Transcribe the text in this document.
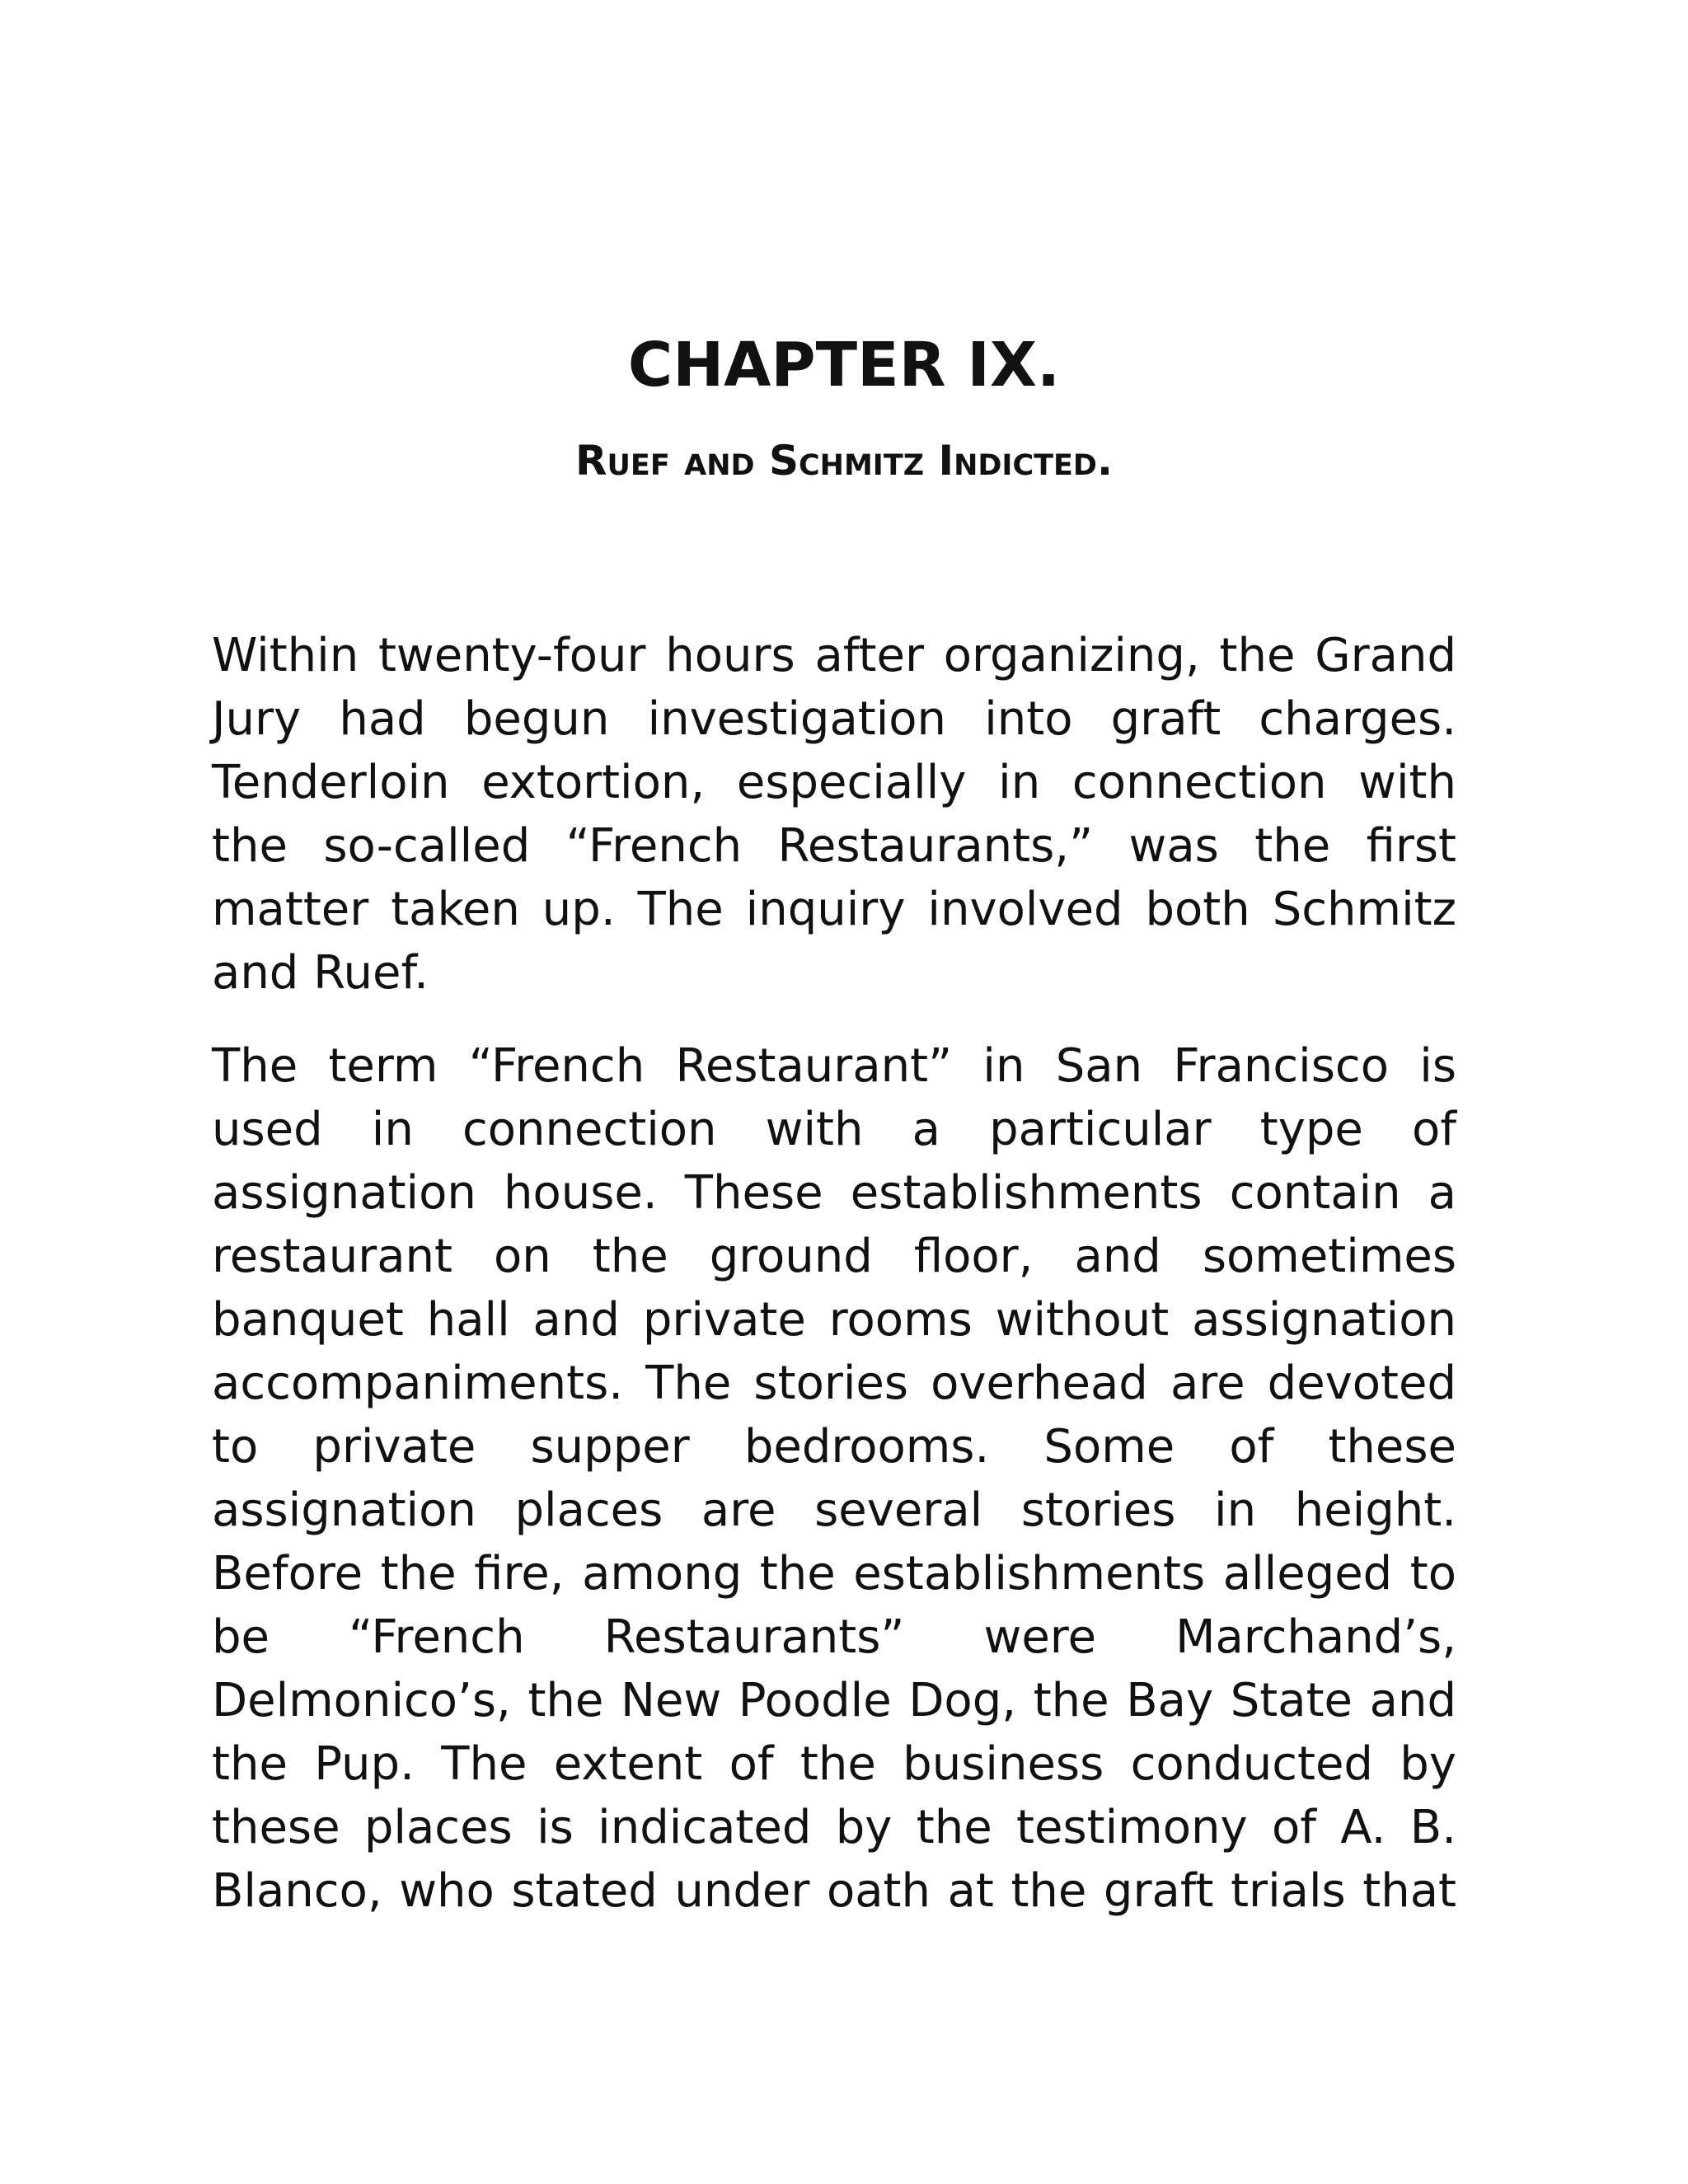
CHAPTER IX.
Ruef and Schmitz Indicted.

Within twenty-four hours after organizing, the Grand Jury had begun investigation into graft charges. Tenderloin extortion, especially in connection with the so-called “French Restaurants,” was the first matter taken up. The inquiry involved both Schmitz and Ruef.

The term “French Restaurant” in San Francisco is used in connection with a particular type of assignation house. These establishments contain a restaurant on the ground floor, and sometimes banquet hall and private rooms without assignation accompaniments. The stories overhead are devoted to private supper bedrooms. Some of these assignation places are several stories in height. Before the fire, among the establishments alleged to be “French Restaurants” were Marchand’s, Delmonico’s, the New Poodle Dog, the Bay State and the Pup. The extent of the business conducted by these places is indicated by the testimony of A. B. Blanco, who stated under oath at the graft trials that
